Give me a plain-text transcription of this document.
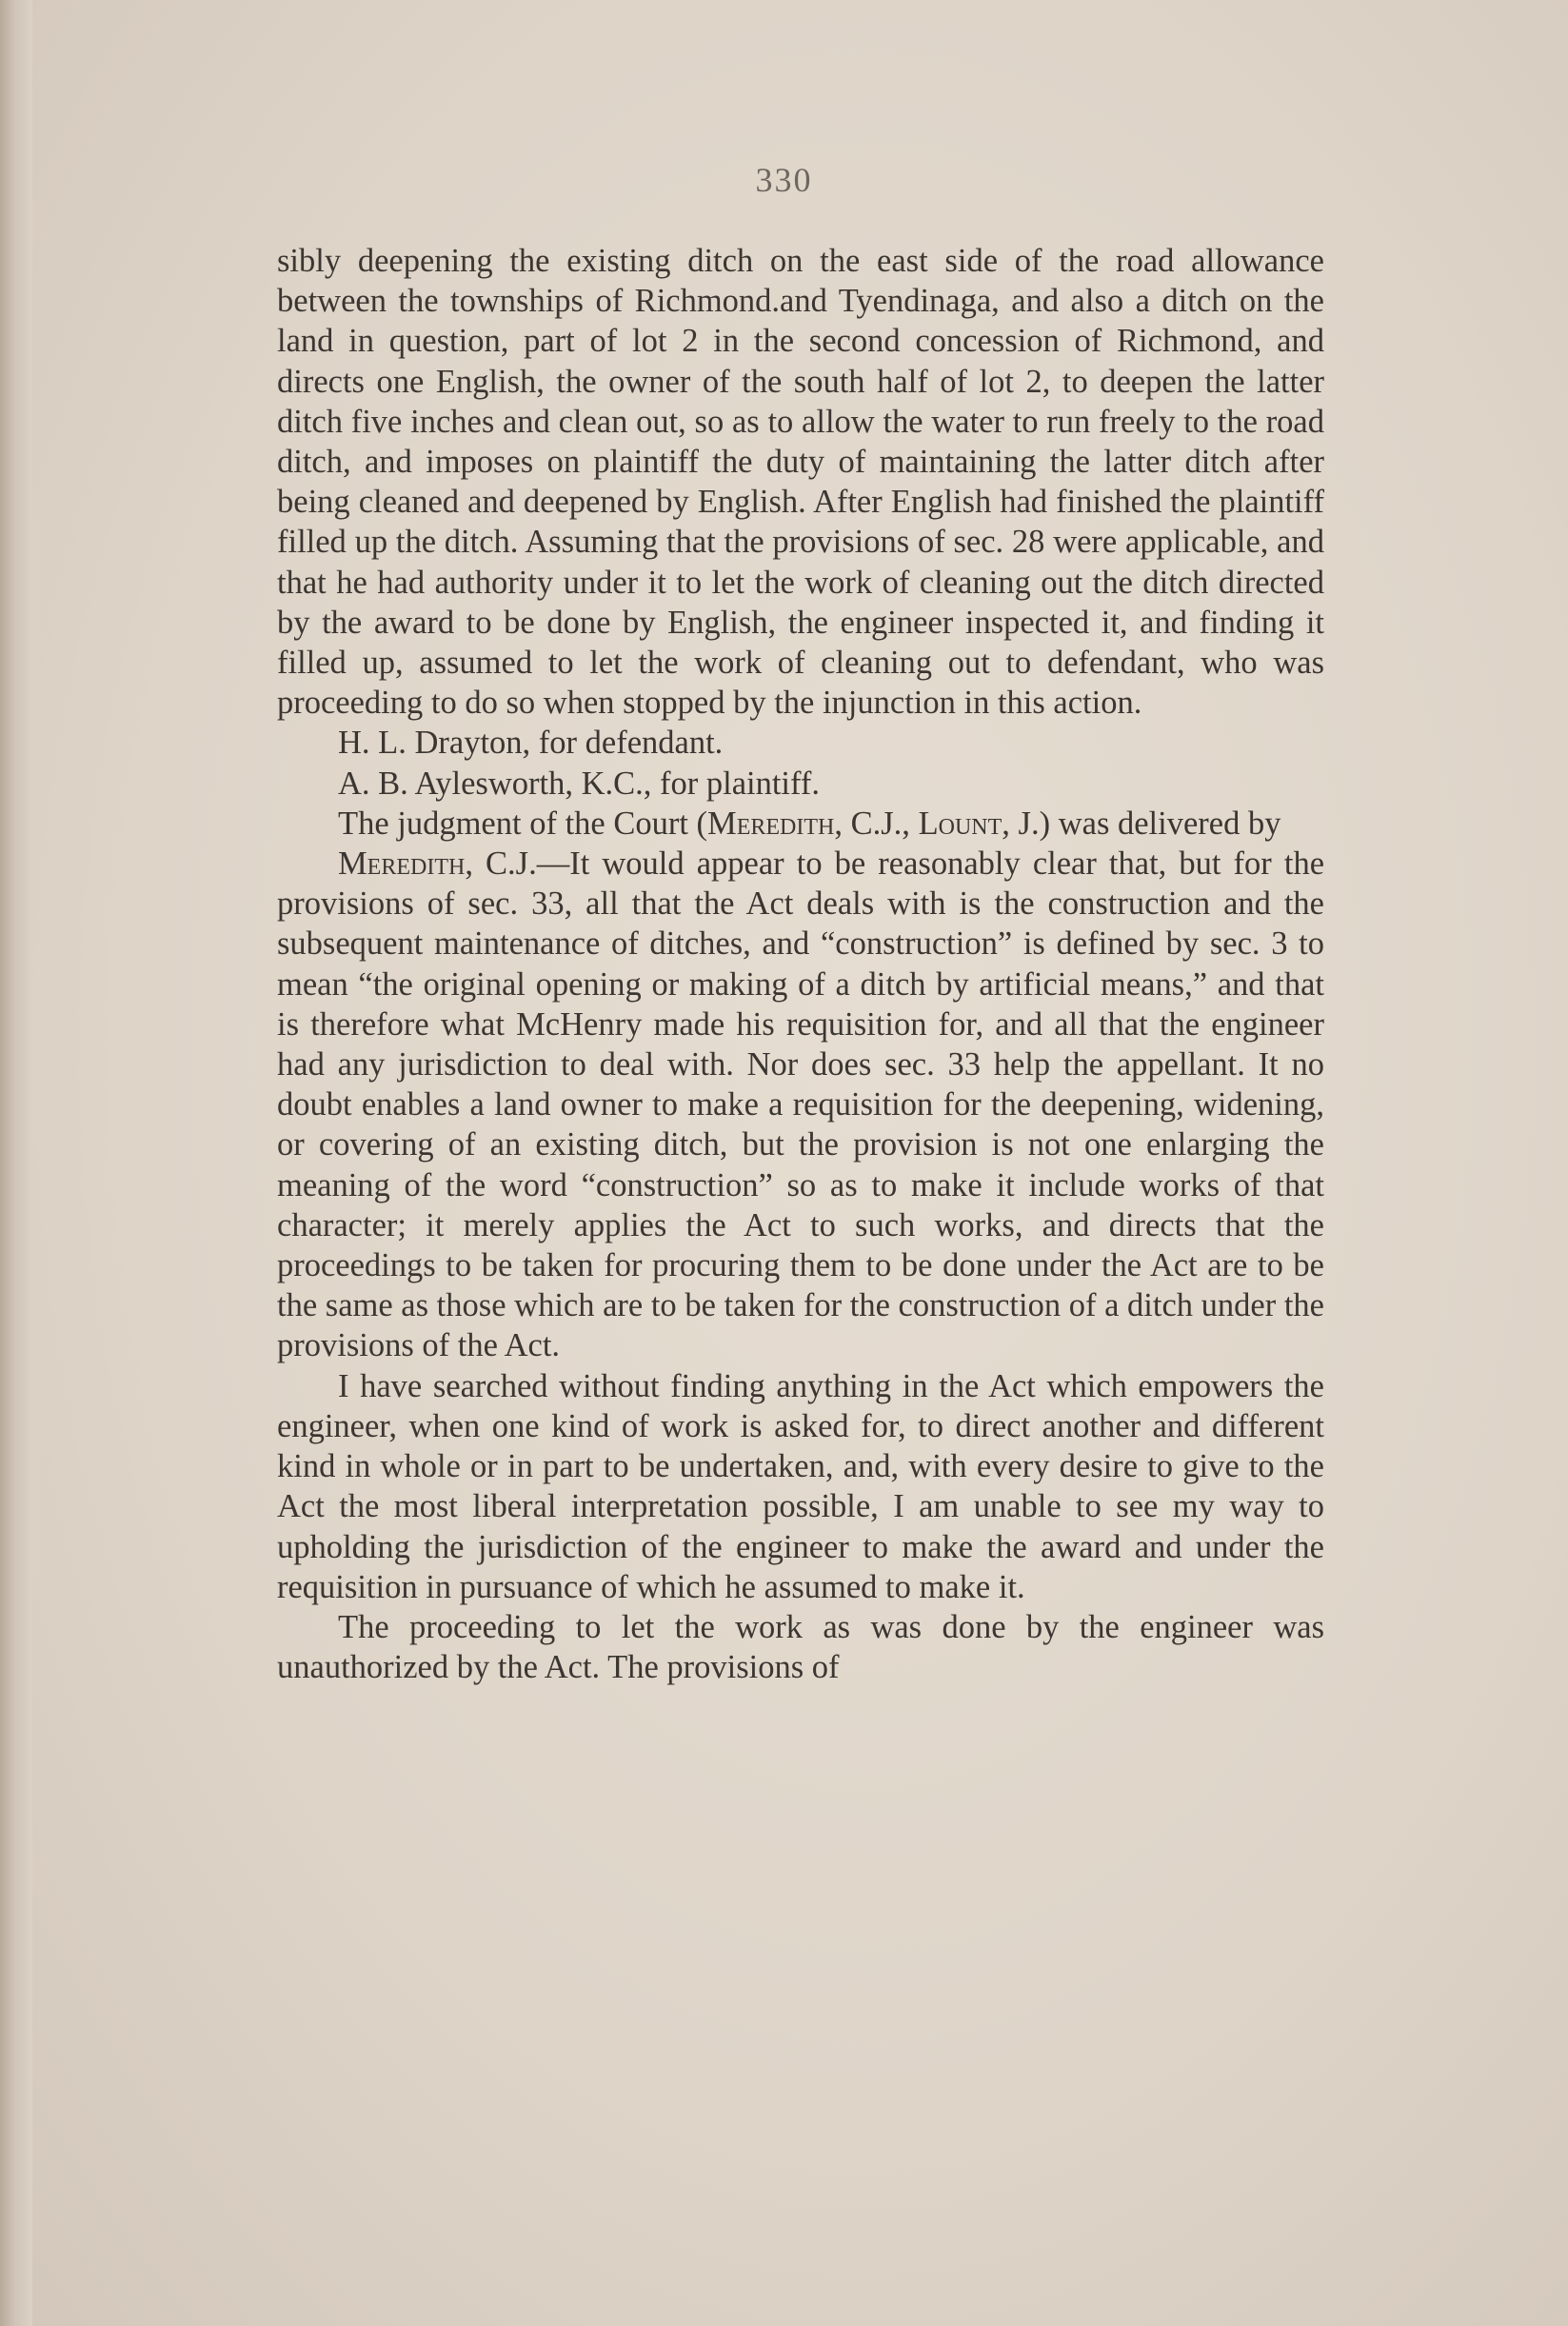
330

sibly deepening the existing ditch on the east side of the road allowance between the townships of Richmond.and Tyendinaga, and also a ditch on the land in question, part of lot 2 in the second concession of Richmond, and directs one English, the owner of the south half of lot 2, to deepen the latter ditch five inches and clean out, so as to allow the water to run freely to the road ditch, and imposes on plaintiff the duty of maintaining the latter ditch after being cleaned and deepened by English. After English had finished the plaintiff filled up the ditch. Assuming that the provisions of sec. 28 were applicable, and that he had authority under it to let the work of cleaning out the ditch directed by the award to be done by English, the engineer inspected it, and finding it filled up, assumed to let the work of cleaning out to defendant, who was proceeding to do so when stopped by the injunction in this action.

H. L. Drayton, for defendant.

A. B. Aylesworth, K.C., for plaintiff.

The judgment of the Court (Meredith, C.J., Lount, J.) was delivered by

Meredith, C.J.—It would appear to be reasonably clear that, but for the provisions of sec. 33, all that the Act deals with is the construction and the subsequent maintenance of ditches, and “construction” is defined by sec. 3 to mean “the original opening or making of a ditch by artificial means,” and that is therefore what McHenry made his requisition for, and all that the engineer had any jurisdiction to deal with. Nor does sec. 33 help the appellant. It no doubt enables a land owner to make a requisition for the deepening, widening, or covering of an existing ditch, but the provision is not one enlarging the meaning of the word “construction” so as to make it include works of that character; it merely applies the Act to such works, and directs that the proceedings to be taken for procuring them to be done under the Act are to be the same as those which are to be taken for the construction of a ditch under the provisions of the Act.

I have searched without finding anything in the Act which empowers the engineer, when one kind of work is asked for, to direct another and different kind in whole or in part to be undertaken, and, with every desire to give to the Act the most liberal interpretation possible, I am unable to see my way to upholding the jurisdiction of the engineer to make the award and under the requisition in pursuance of which he assumed to make it.

The proceeding to let the work as was done by the engineer was unauthorized by the Act. The provisions of
